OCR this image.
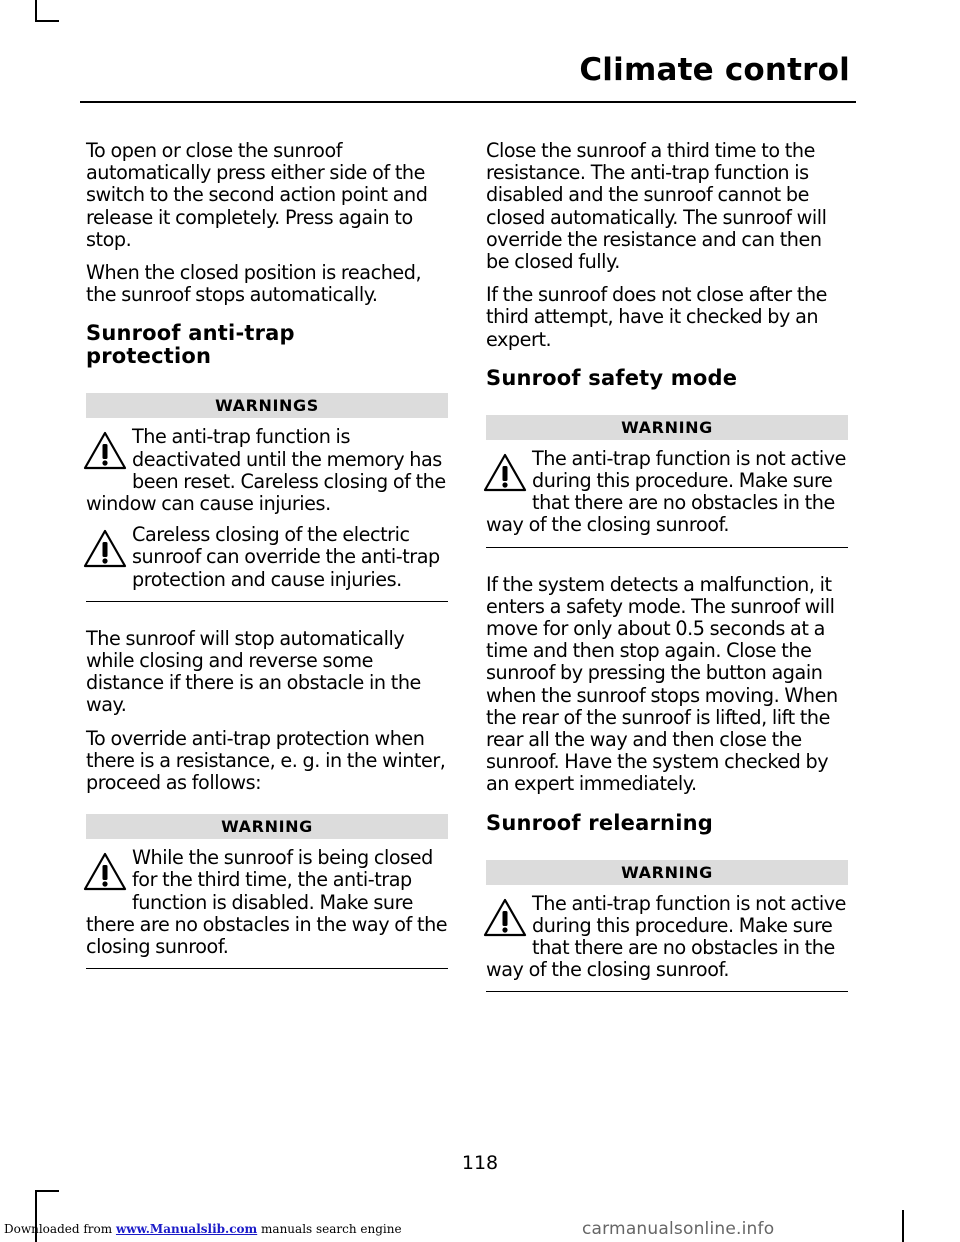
Climate control

To open or close the sunroof automatically press either side of the switch to the second action point and release it completely. Press again to stop.

When the closed position is reached, the sunroof stops automatically.

Sunroof anti-trap protection
WARNINGS
The anti-trap function is deactivated until the memory has been reset. Careless closing of the window can cause injuries.
Careless closing of the electric sunroof can override the anti-trap protection and cause injuries.

The sunroof will stop automatically while closing and reverse some distance if there is an obstacle in the way.

To override anti-trap protection when there is a resistance, e. g. in the winter, proceed as follows:

WARNING
While the sunroof is being closed for the third time, the anti-trap function is disabled. Make sure there are no obstacles in the way of the closing sunroof.

Close the sunroof a third time to the resistance. The anti-trap function is disabled and the sunroof cannot be closed automatically. The sunroof will override the resistance and can then be closed fully.

If the sunroof does not close after the third attempt, have it checked by an expert.

Sunroof safety mode
WARNING
The anti-trap function is not active during this procedure. Make sure that there are no obstacles in the way of the closing sunroof.

If the system detects a malfunction, it enters a safety mode. The sunroof will move for only about 0.5 seconds at a time and then stop again. Close the sunroof by pressing the button again when the sunroof stops moving. When the rear of the sunroof is lifted, lift the rear all the way and then close the sunroof. Have the system checked by an expert immediately.

Sunroof relearning
WARNING
The anti-trap function is not active during this procedure. Make sure that there are no obstacles in the way of the closing sunroof.
118
Downloaded from www.Manualslib.com manuals search engine	carmanualsonline.info
